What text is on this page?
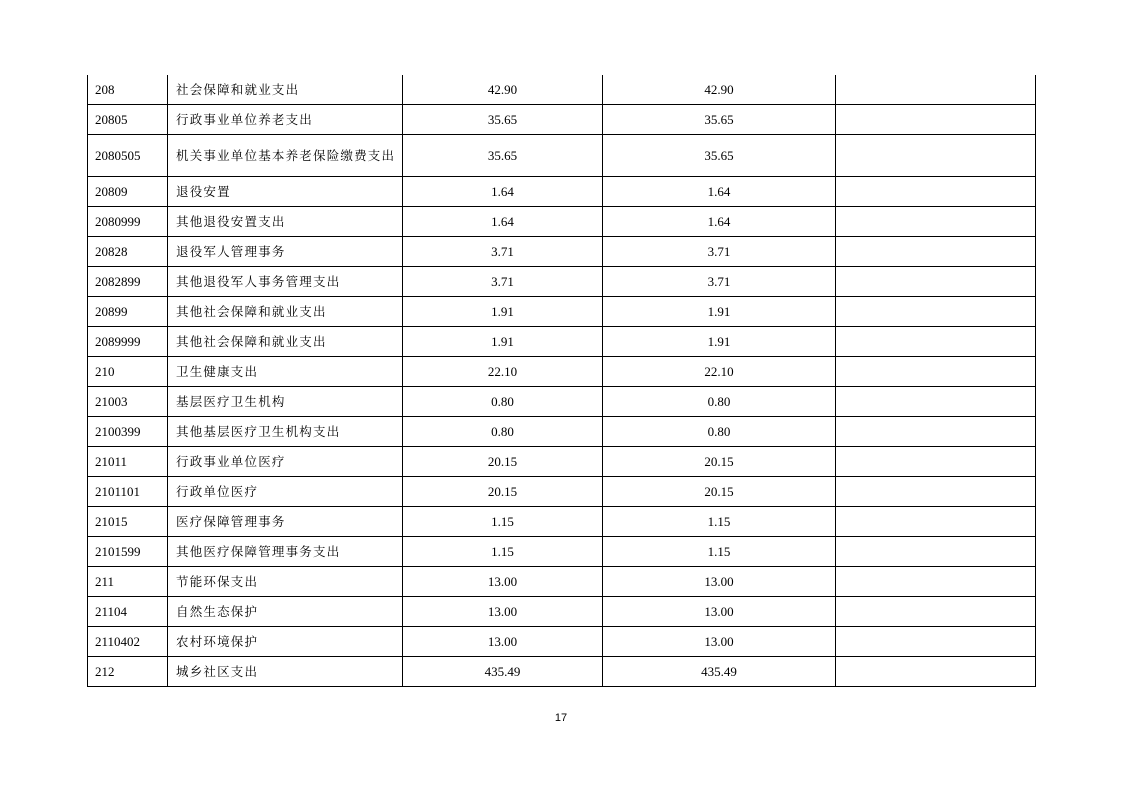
208	社会保障和就业支出	42.90	42.90	
20805	行政事业单位养老支出	35.65	35.65	
2080505	机关事业单位基本养老保险缴费支出	35.65	35.65	
20809	退役安置	1.64	1.64	
2080999	其他退役安置支出	1.64	1.64	
20828	退役军人管理事务	3.71	3.71	
2082899	其他退役军人事务管理支出	3.71	3.71	
20899	其他社会保障和就业支出	1.91	1.91	
2089999	其他社会保障和就业支出	1.91	1.91	
210	卫生健康支出	22.10	22.10	
21003	基层医疗卫生机构	0.80	0.80	
2100399	其他基层医疗卫生机构支出	0.80	0.80	
21011	行政事业单位医疗	20.15	20.15	
2101101	行政单位医疗	20.15	20.15	
21015	医疗保障管理事务	1.15	1.15	
2101599	其他医疗保障管理事务支出	1.15	1.15	
211	节能环保支出	13.00	13.00	
21104	自然生态保护	13.00	13.00	
2110402	农村环境保护	13.00	13.00	
212	城乡社区支出	435.49	435.49	
17
